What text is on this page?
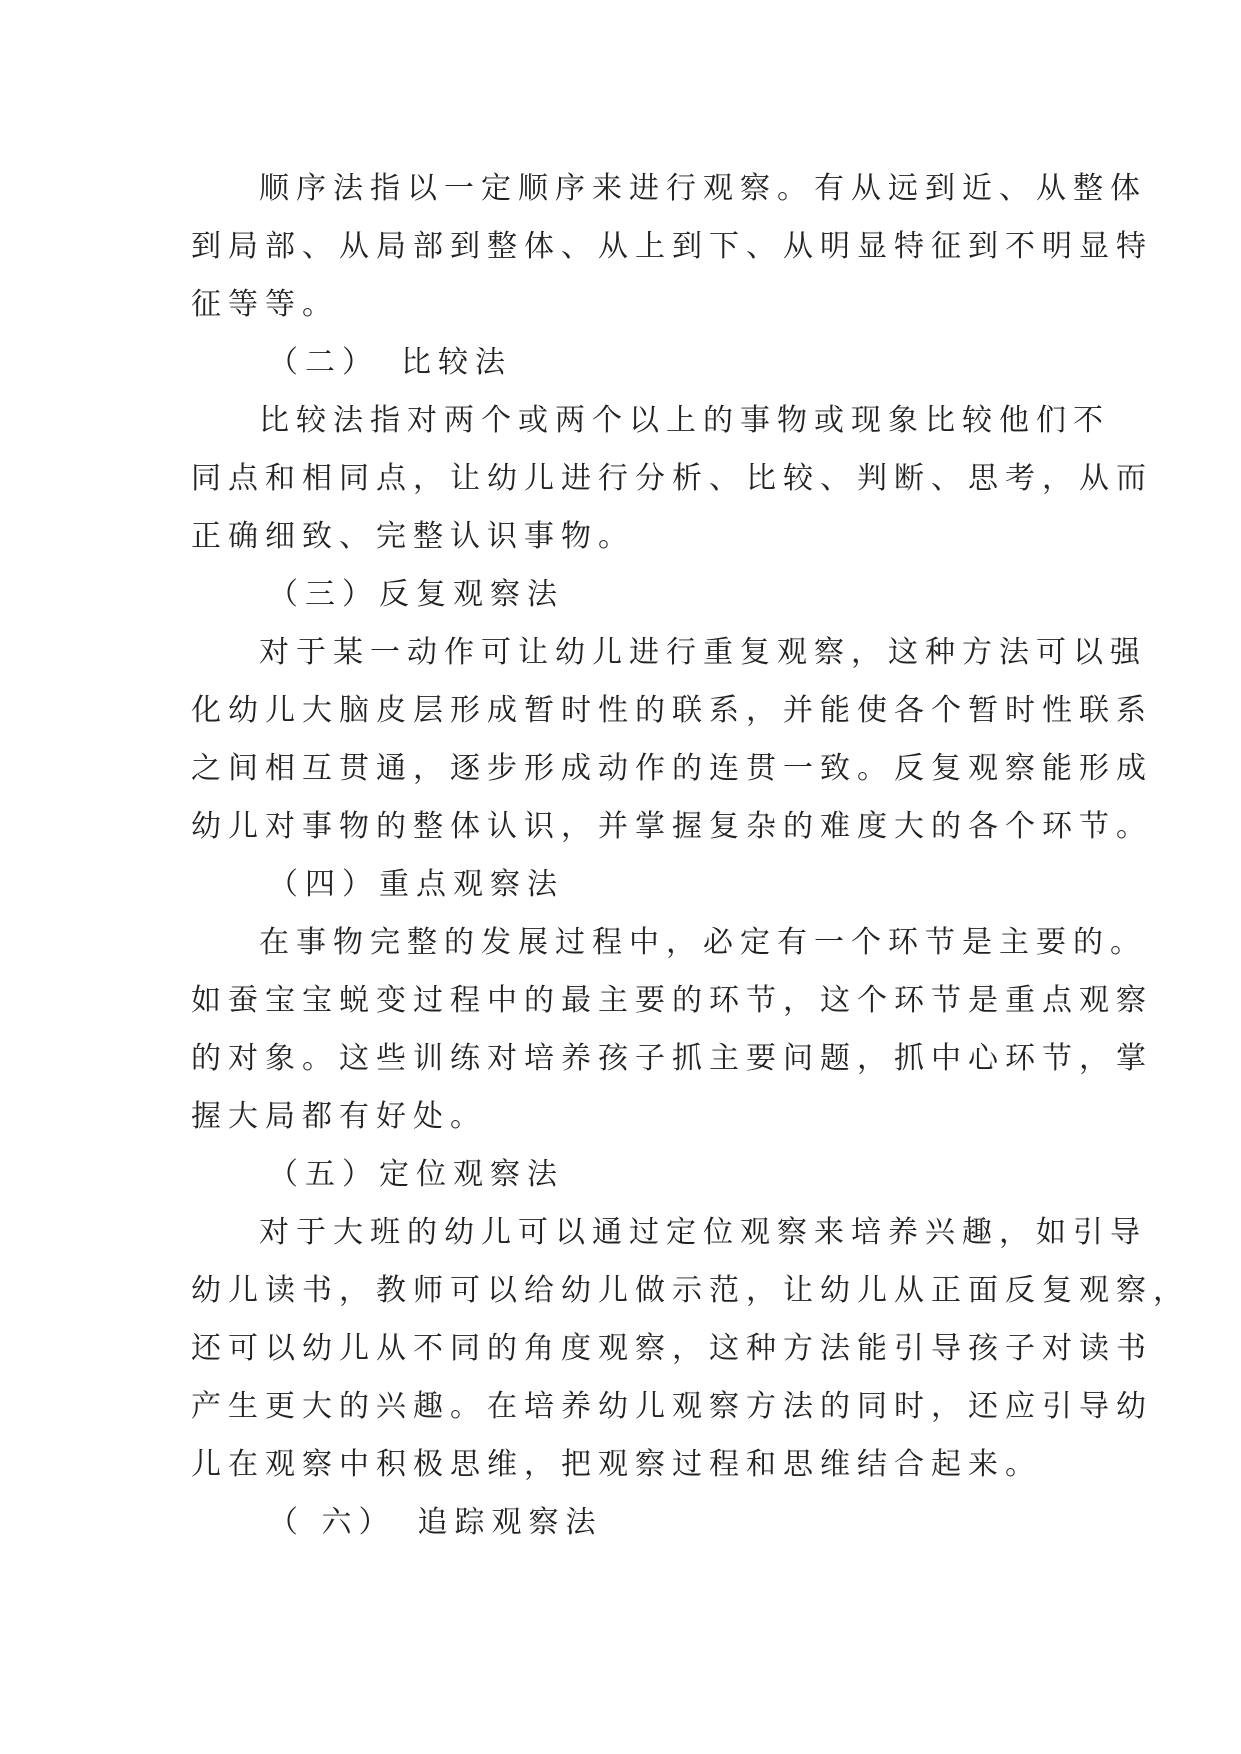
顺序法指以一定顺序来进行观察。有从远到近、从整体
到局部、从局部到整体、从上到下、从明显特征到不明显特
征等等。
（二）　比较法
比较法指对两个或两个以上的事物或现象比较他们不
同点和相同点，让幼儿进行分析、比较、判断、思考，从而
正确细致、完整认识事物。
（三）反复观察法
对于某一动作可让幼儿进行重复观察，这种方法可以强
化幼儿大脑皮层形成暂时性的联系，并能使各个暂时性联系
之间相互贯通，逐步形成动作的连贯一致。反复观察能形成
幼儿对事物的整体认识，并掌握复杂的难度大的各个环节。
（四）重点观察法
在事物完整的发展过程中，必定有一个环节是主要的。
如蚕宝宝蜕变过程中的最主要的环节，这个环节是重点观察
的对象。这些训练对培养孩子抓主要问题，抓中心环节，掌
握大局都有好处。
（五）定位观察法
对于大班的幼儿可以通过定位观察来培养兴趣，如引导
幼儿读书，教师可以给幼儿做示范，让幼儿从正面反复观察，
还可以幼儿从不同的角度观察，这种方法能引导孩子对读书
产生更大的兴趣。在培养幼儿观察方法的同时，还应引导幼
儿在观察中积极思维，把观察过程和思维结合起来。
（ 六）　追踪观察法
